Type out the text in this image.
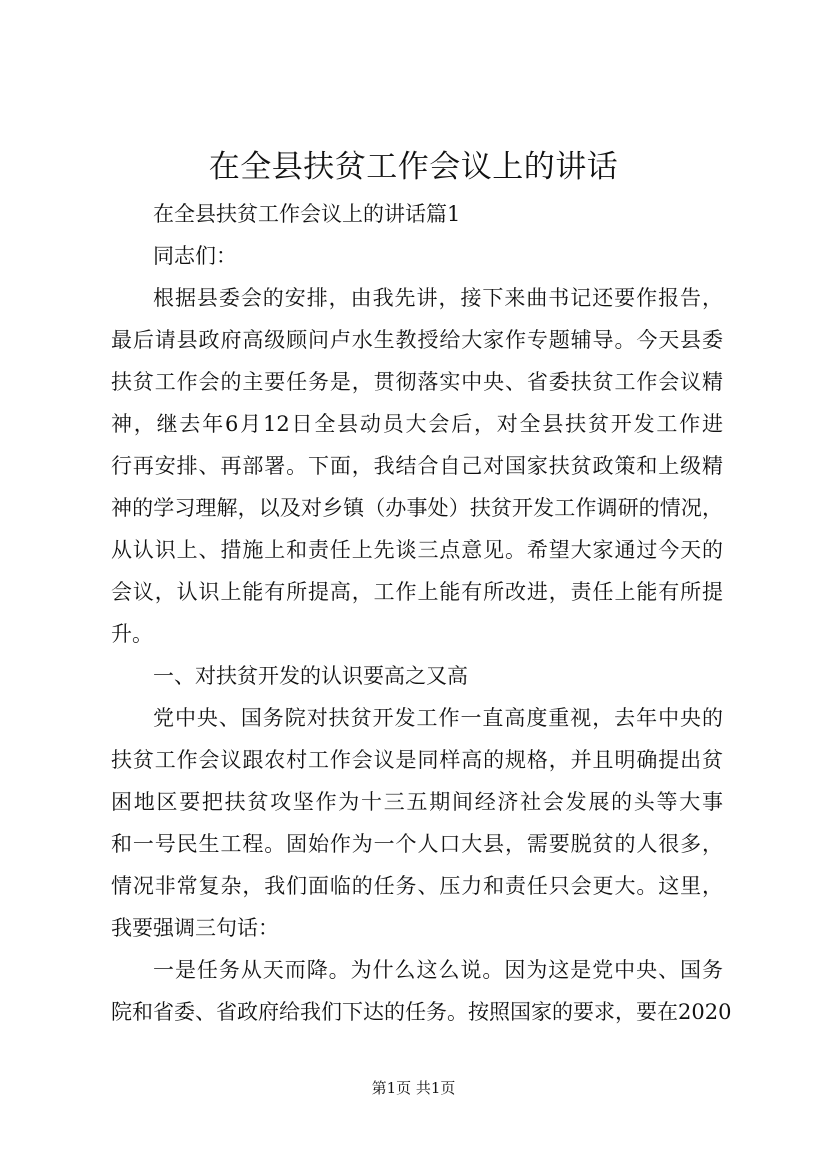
在全县扶贫工作会议上的讲话
在全县扶贫工作会议上的讲话篇1
同志们：
根据县委会的安排，由我先讲，接下来曲书记还要作报告，
最后请县政府高级顾问卢水生教授给大家作专题辅导。今天县委
扶贫工作会的主要任务是，贯彻落实中央、省委扶贫工作会议精
神，继去年6月12日全县动员大会后，对全县扶贫开发工作进
行再安排、再部署。下面，我结合自己对国家扶贫政策和上级精
神的学习理解，以及对乡镇（办事处）扶贫开发工作调研的情况，
从认识上、措施上和责任上先谈三点意见。希望大家通过今天的
会议，认识上能有所提高，工作上能有所改进，责任上能有所提
升。
一、对扶贫开发的认识要高之又高
党中央、国务院对扶贫开发工作一直高度重视，去年中央的
扶贫工作会议跟农村工作会议是同样高的规格，并且明确提出贫
困地区要把扶贫攻坚作为十三五期间经济社会发展的头等大事
和一号民生工程。固始作为一个人口大县，需要脱贫的人很多，
情况非常复杂，我们面临的任务、压力和责任只会更大。这里，
我要强调三句话：
一是任务从天而降。为什么这么说。因为这是党中央、国务
院和省委、省政府给我们下达的任务。按照国家的要求，要在2020
第1页 共1页
